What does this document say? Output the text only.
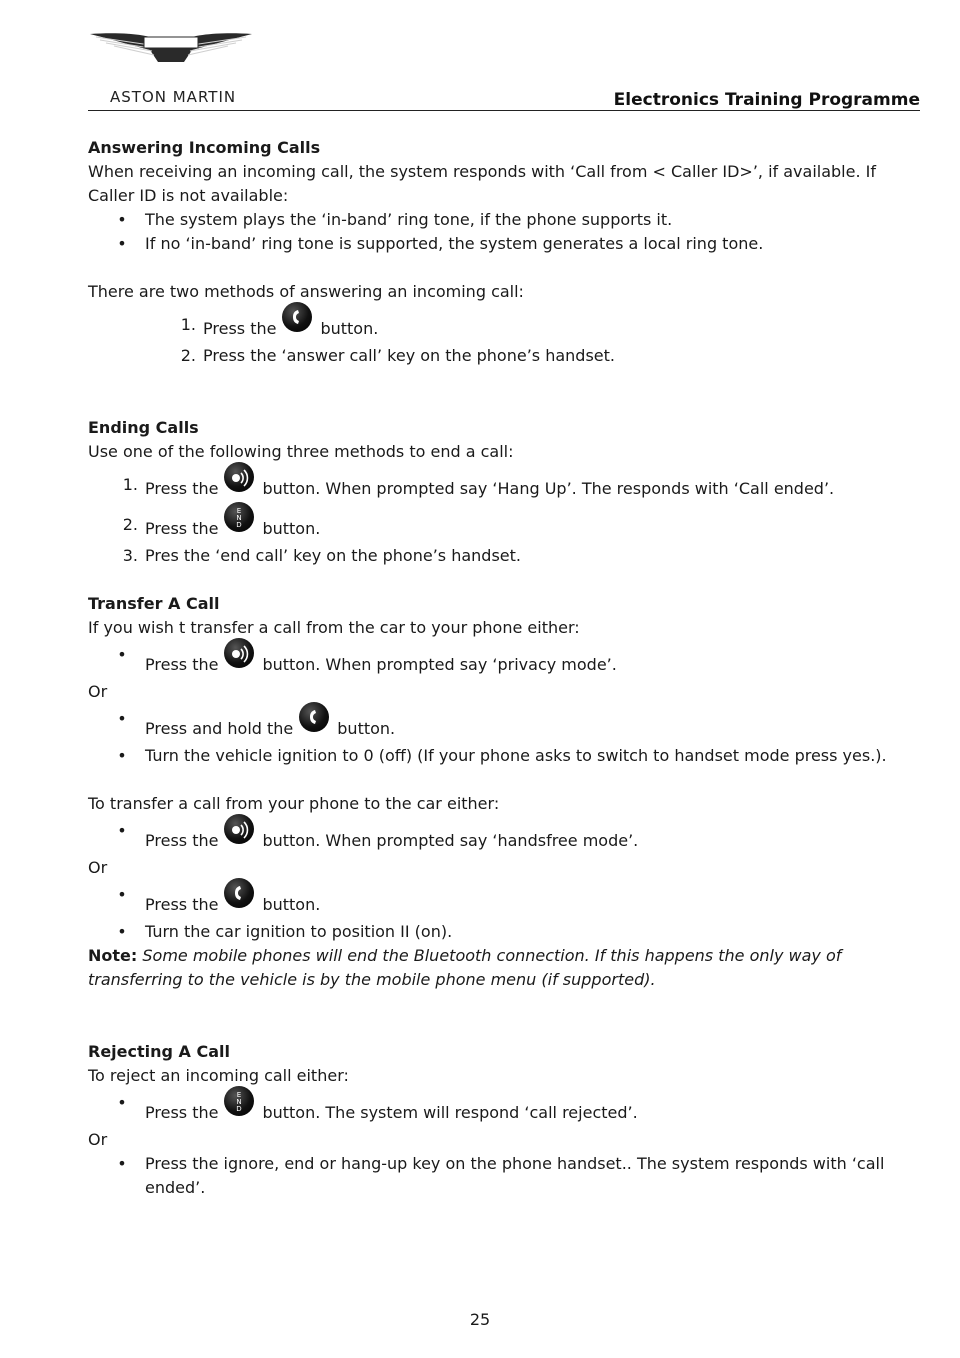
ASTON MARTIN	Electronics Training Programme
Answering Incoming Calls

When receiving an incoming call, the system responds with ‘Call from < Caller ID>’, if available. If Caller ID is not available:

•	The system plays the ‘in-band’ ring tone, if the phone supports it.
•	If no ‘in-band’ ring tone is supported, the system generates a local ring tone.

There are two methods of answering an incoming call:

1. Press the	button.
2. Press the ‘answer call’ key on the phone’s handset.
Ending Calls

Use one of the following three methods to end a call:

1. Press the	button. When prompted say ‘Hang Up’. The responds with ‘Call ended’.
2. Press the
E
N
D button.
3. Pres the ‘end call’ key on the phone’s handset.
Transfer A Call

If you wish t transfer a call from the car to your phone either:

•
Press the	button. When prompted say ‘privacy mode’.

Or

•
Press and hold the	button.
•	Turn the vehicle ignition to 0 (off) (If your phone asks to switch to handset mode press yes.).

To transfer a call from your phone to the car either:

•
Press the	button. When prompted say ‘handsfree mode’.

Or

•
Press the	button.
•	Turn the car ignition to position II (on).

Note: Some mobile phones will end the Bluetooth connection. If this happens the only way of transferring to the vehicle is by the mobile phone menu (if supported).

Rejecting A Call

To reject an incoming call either:

•
Press the
E
N
D button. The system will respond ‘call rejected’.

Or

•	Press the ignore, end or hang-up key on the phone handset.. The system responds with ‘call ended’.
25
